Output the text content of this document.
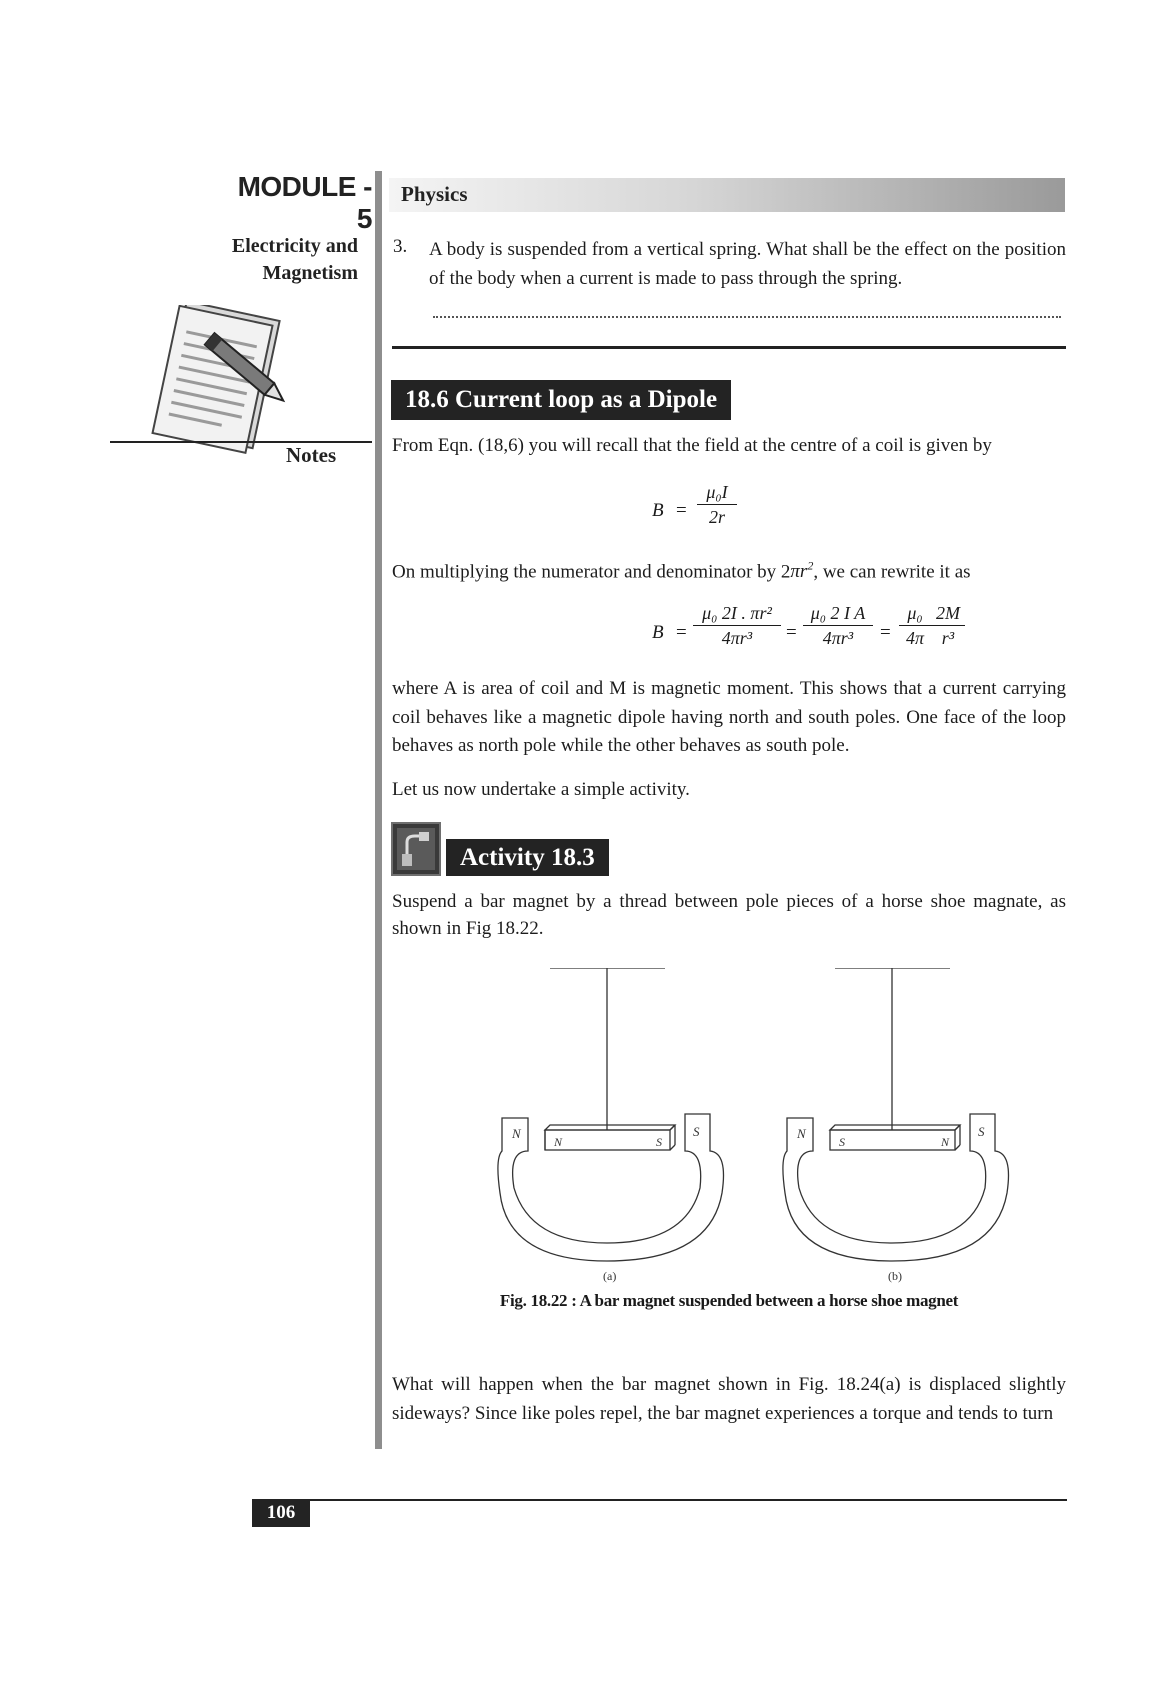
MODULE - 5
Electricity and
Magnetism
Notes
Physics
3. A body is suspended from a vertical spring. What shall be the effect on the position of the body when a current is made to pass through the spring.
18.6 Current loop as a Dipole
From Eqn. (18,6) you will recall that the field at the centre of a coil is given by
$B = \frac{\text{μ₀I}}{2r}$
On multiplying the numerator and denominator by $2\pi r^2$, we can rewrite it as
$B = \frac{\text{μ₀ 2I . πr²}}{\text{4πr³}} = \frac{\text{μ₀ 2 I A}}{\text{4πr³}} = \frac{\text{μ₀}}{4\pi} \frac{2M}{\text{r³}}$
where A is area of coil and M is magnetic moment. This shows that a current carrying coil behaves like a magnetic dipole having north and south poles. One face of the loop behaves as north pole while the other behaves as south pole.
Let us now undertake a simple activity.
Activity 18.3
Suspend a bar magnet by a thread between pole pieces of a horse shoe magnate, as shown in Fig 18.22.
N	S
N	S
(a)
N	S
S	N
(b)
Fig. 18.22 : A bar magnet suspended between a horse shoe magnet
What will happen when the bar magnet shown in Fig. 18.24(a) is displaced slightly sideways? Since like poles repel, the bar magnet experiences a torque and tends to turn
106
